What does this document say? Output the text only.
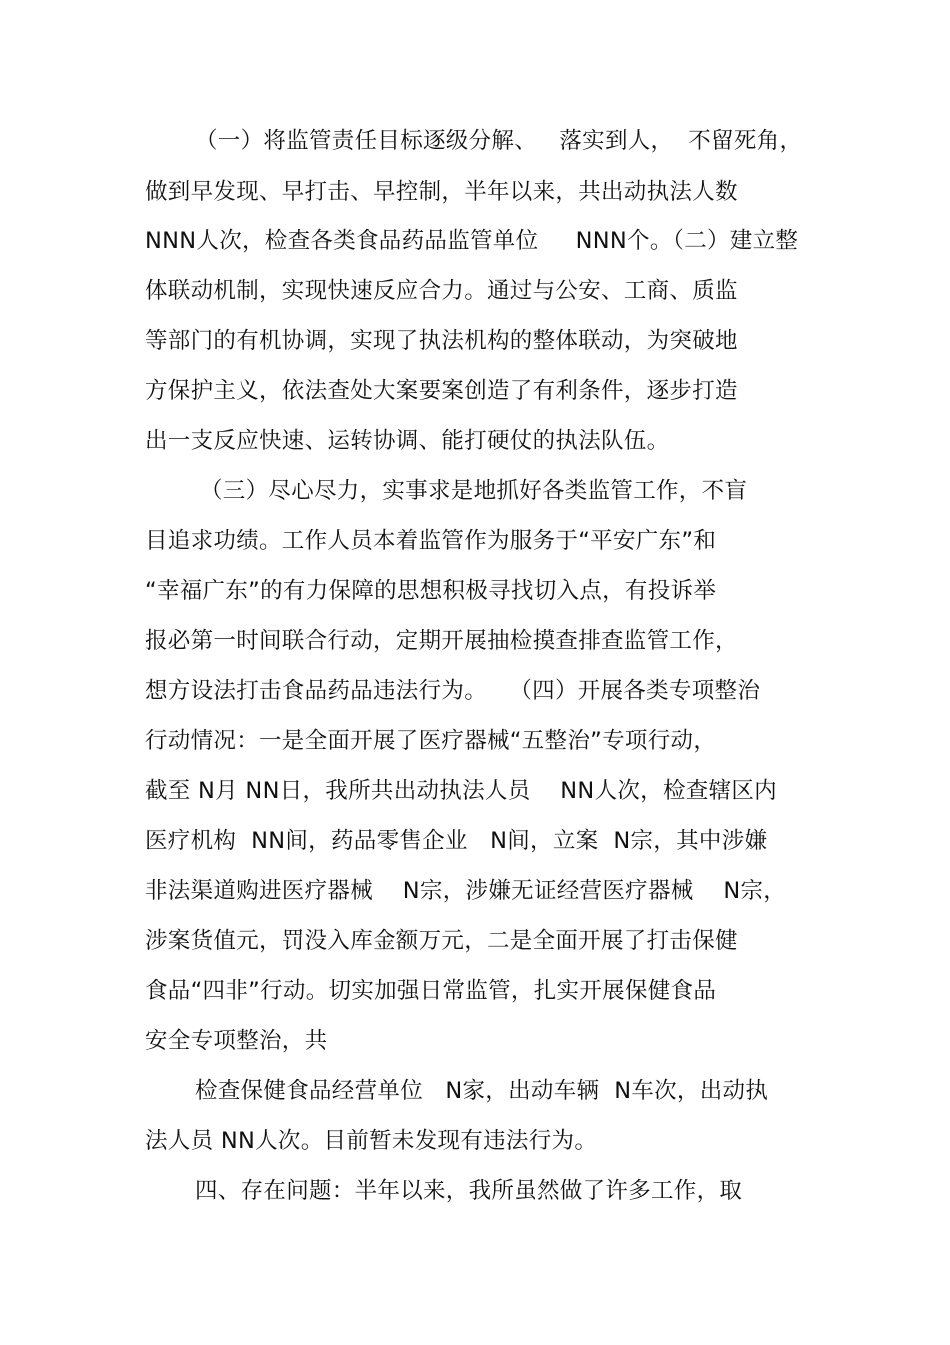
（一）将监管责任目标逐级分解、   落实到人，  不留死角，
做到早发现、早打击、早控制，半年以来，共出动执法人数
NNN人次，检查各类食品药品监管单位     NNN个。（二）建立整
体联动机制，实现快速反应合力。通过与公安、工商、质监
等部门的有机协调，实现了执法机构的整体联动，为突破地
方保护主义，依法查处大案要案创造了有利条件，逐步打造
出一支反应快速、运转协调、能打硬仗的执法队伍。
（三）尽心尽力，实事求是地抓好各类监管工作，不盲
目追求功绩。工作人员本着监管作为服务于“平安广东”和
“幸福广东”的有力保障的思想积极寻找切入点，有投诉举
报必第一时间联合行动，定期开展抽检摸查排查监管工作，
想方设法打击食品药品违法行为。   （四）开展各类专项整治
行动情况：一是全面开展了医疗器械“五整治”专项行动，
截至 N月 NN日，我所共出动执法人员    NN人次，检查辖区内
医疗机构  NN间，药品零售企业   N间，立案  N宗，其中涉嫌
非法渠道购进医疗器械    N宗，涉嫌无证经营医疗器械    N宗，
涉案货值元，罚没入库金额万元，二是全面开展了打击保健
食品“四非”行动。切实加强日常监管，扎实开展保健食品
安全专项整治，共
检查保健食品经营单位   N家，出动车辆  N车次，出动执
法人员 NN人次。目前暂未发现有违法行为。
四、存在问题：半年以来，我所虽然做了许多工作，取
